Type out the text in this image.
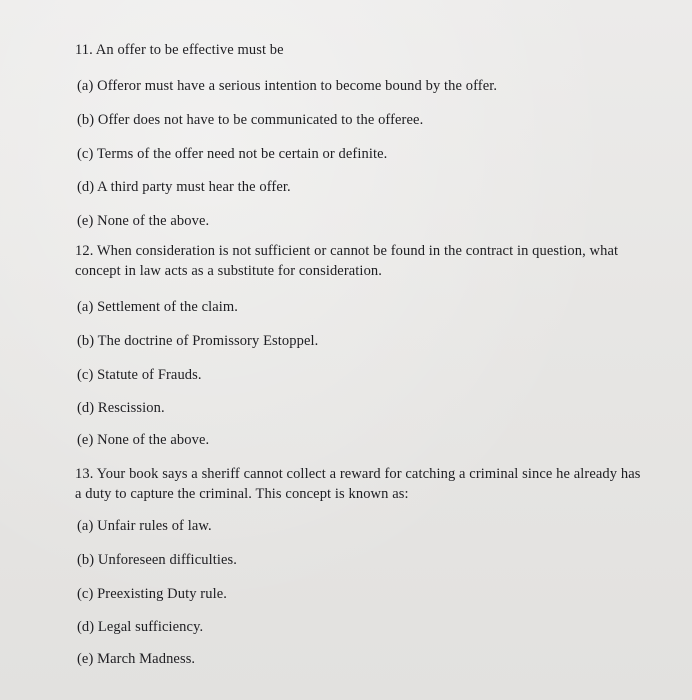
11. An offer to be effective must be
(a) Offeror must have a serious intention to become bound by the offer.
(b) Offer does not have to be communicated to the offeree.
(c) Terms of the offer need not be certain or definite.
(d) A third party must hear the offer.
(e) None of the above.
12. When consideration is not sufficient or cannot be found in the contract in question, what
concept in law acts as a substitute for consideration.
(a) Settlement of the claim.
(b) The doctrine of Promissory Estoppel.
(c) Statute of Frauds.
(d) Rescission.
(e) None of the above.
13. Your book says a sheriff cannot collect a reward for catching a criminal since he already has
a duty to capture the criminal. This concept is known as:
(a) Unfair rules of law.
(b) Unforeseen difficulties.
(c) Preexisting Duty rule.
(d) Legal sufficiency.
(e) March Madness.
